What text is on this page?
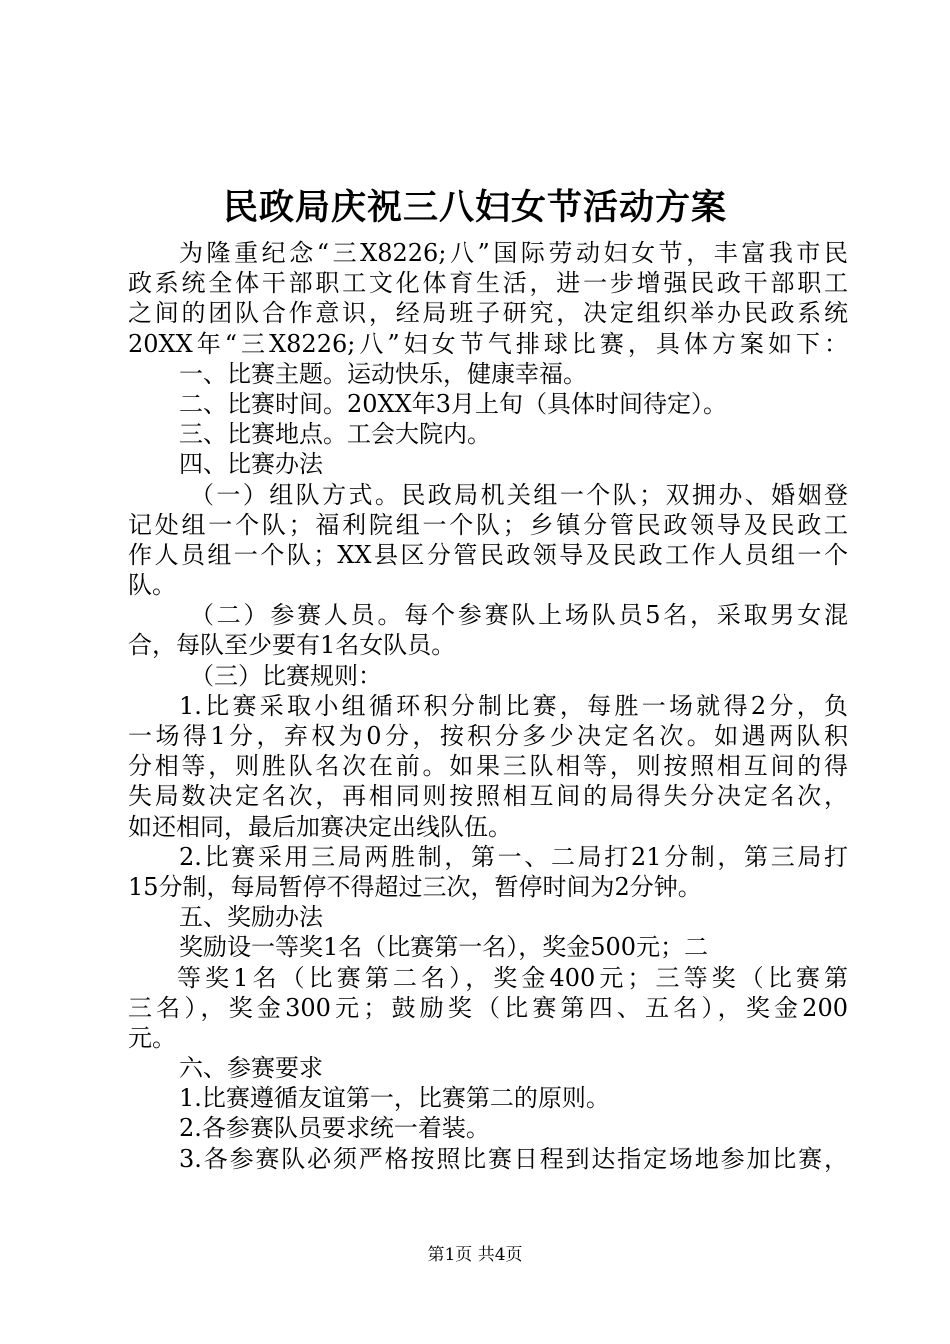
民政局庆祝三八妇女节活动方案
为隆重纪念“三X8226;八”国际劳动妇女节，丰富我市民
政系统全体干部职工文化体育生活，进一步增强民政干部职工
之间的团队合作意识，经局班子研究，决定组织举办民政系统
20XX年“三X8226;八”妇女节气排球比赛，具体方案如下：
一、比赛主题。运动快乐，健康幸福。
二、比赛时间。20XX年3月上旬（具体时间待定）。
三、比赛地点。工会大院内。
四、比赛办法
（一）组队方式。民政局机关组一个队；双拥办、婚姻登
记处组一个队；福利院组一个队；乡镇分管民政领导及民政工
作人员组一个队；XX县区分管民政领导及民政工作人员组一个
队。
（二）参赛人员。每个参赛队上场队员5名，采取男女混
合，每队至少要有1名女队员。
（三）比赛规则：
1.比赛采取小组循环积分制比赛，每胜一场就得2分，负
一场得1分，弃权为0分，按积分多少决定名次。如遇两队积
分相等，则胜队名次在前。如果三队相等，则按照相互间的得
失局数决定名次，再相同则按照相互间的局得失分决定名次，
如还相同，最后加赛决定出线队伍。
2.比赛采用三局两胜制，第一、二局打21分制，第三局打
15分制，每局暂停不得超过三次，暂停时间为2分钟。
五、奖励办法
奖励设一等奖1名（比赛第一名），奖金500元；二
等奖1名（比赛第二名），奖金400元；三等奖（比赛第
三名），奖金300元；鼓励奖（比赛第四、五名），奖金200
元。
六、参赛要求
1.比赛遵循友谊第一，比赛第二的原则。
2.各参赛队员要求统一着装。
3.各参赛队必须严格按照比赛日程到达指定场地参加比赛，
第1页 共4页
